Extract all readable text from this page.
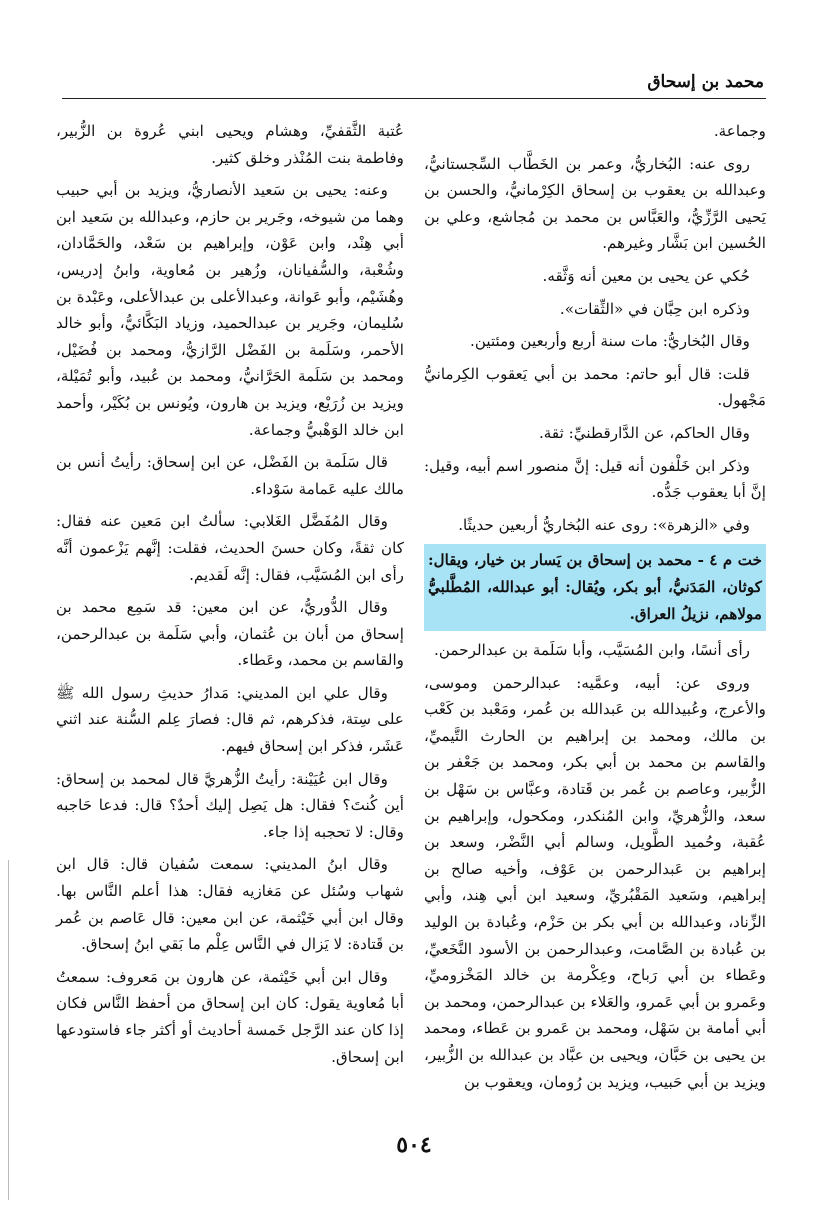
محمد بن إسحاق

وجماعة.

روى عنه: البُخاريُّ، وعمر بن الخَطَّاب السِّجستانيُّ، وعبدالله بن يعقوب بن إسحاق الكِرْمانيُّ، والحسن بن يَحيى الرَّزِّيُّ، والعَبَّاس بن محمد بن مُجاشع، وعلي بن الحُسين ابن بَشَّار وغيرهم.

حُكي عن يحيى بن معين أنه وَثَّقه.

وذكره ابن حِبَّان في «الثِّقات».

وقال البُخاريُّ: مات سنة أربع وأربعين ومئتين.

قلت: قال أبو حاتم: محمد بن أبي يَعقوب الكِرمانيُّ مَجْهول.

وقال الحاكم، عن الدَّارقطنيِّ: ثقة.

وذكر ابن خَلْفون أنه قيل: إنَّ منصور اسم أبيه، وقيل: إنَّ أبا يعقوب جَدُّه.

وفي «الزهرة»: روى عنه البُخاريُّ أربعين حديثًا.

خت م ٤ - محمد بن إسحاق بن يَسار بن خيار، ويقال: كوثان، المَدَنيُّ، أبو بكر، ويُقال: أبو عبدالله، المُطَّلبيُّ مولاهم، نزيلُ العراق.

رأى أنسًا، وابن المُسَيَّب، وأبا سَلَمة بن عبدالرحمن.

وروى عن: أبيه، وعمَّيه: عبدالرحمن وموسى، والأعرج، وعُبيدالله بن عَبدالله بن عُمر، ومَعْبد بن كَعْب بن مالك، ومحمد بن إبراهيم بن الحارث التَّيميِّ، والقاسم بن محمد بن أبي بكر، ومحمد بن جَعْفر بن الزُّبير، وعاصم بن عُمر بن قَتادة، وعبَّاس بن سَهْل بن سعد، والزُّهريِّ، وابن المُنكدر، ومكحول، وإبراهيم بن عُقبة، وحُميد الطَّويل، وسالم أبي النَّضْر، وسعد بن إبراهيم بن عَبدالرحمن بن عَوْف، وأخيه صالح بن إبراهيم، وسَعيد المَقْبُريِّ، وسعيد ابن أبي هِند، وأبي الزِّناد، وعبدالله بن أبي بكر بن حَزْم، وعُبادة بن الوليد بن عُبادة بن الصَّامت، وعبدالرحمن بن الأسود النَّخَعيِّ، وعَطاء بن أبي رَباح، وعِكْرمة بن خالد المَخْزوميِّ، وعَمرو بن أبي عَمرو، والعَلاء بن عبدالرحمن، ومحمد بن أبي أمامة بن سَهْل، ومحمد بن عَمرو بن عَطاء، ومحمد بن يحيى بن حَبَّان، ويحيى بن عبَّاد بن عبدالله بن الزُّبير، ويزيد بن أبي حَبيب، ويزيد بن رُومان، ويعقوب بن

عُتبة الثَّقفيِّ، وهشام ويحيى ابني عُروة بن الزُّبير، وفاطمة بنت المُنْذر وخلق كثير.

وعنه: يحيى بن سَعيد الأنصاريُّ، ويزيد بن أبي حبيب وهما من شيوخه، وجَرير بن حازم، وعبدالله بن سَعيد ابن أبي هِنْد، وابن عَوْن، وإبراهيم بن سَعْد، والحَمَّادان، وشُعْبة، والسُّفيانان، وزُهير بن مُعاوية، وابنُ إدريس، وهُشَيْم، وأبو عَوانة، وعبدالأعلى بن عبدالأعلى، وعَبْدة بن سُليمان، وجَرير بن عبدالحميد، وزياد البَكَّائيُّ، وأبو خالد الأحمر، وسَلَمة بن الفَضْل الرَّازيُّ، ومحمد بن فُضَيْل، ومحمد بن سَلَمة الحَرَّانيُّ، ومحمد بن عُبيد، وأبو تُمَيْلة، ويزيد بن زُرَيْع، ويزيد بن هارون، ويُونس بن بُكَيْر، وأحمد ابن خالد الوَهْبيُّ وجماعة.

قال سَلَمة بن الفَضْل، عن ابن إسحاق: رأيتُ أنس بن مالك عليه عَمامة سَوْداء.

وقال المُفَضَّل الغَلابي: سألتُ ابن مَعين عنه فقال: كان ثقةً، وكان حسنَ الحديث، فقلت: إنَّهم يَزْعمون أنَّه رأى ابن المُسَيَّب، فقال: إنَّه لَقديم.

وقال الدُّوريُّ، عن ابن معين: قد سَمِع محمد بن إسحاق من أبان بن عُثمان، وأبي سَلَمة بن عبدالرحمن، والقاسم بن محمد، وعَطاء.

وقال علي ابن المديني: مَدارُ حديثِ رسول الله ﷺ على سِتة، فذكرهم، ثم قال: فصارَ عِلم السُّنة عند اثني عَشَر، فذكر ابن إسحاق فيهم.

وقال ابن عُيَيْنة: رأيتُ الزُّهريَّ قال لمحمد بن إسحاق: أين كُنتَ؟ فقال: هل يَصِل إليك أحدٌ؟ قال: فدعا حَاجبه وقال: لا تحجبه إذا جاء.

وقال ابنُ المديني: سمعت سُفيان قال: قال ابن شهاب وسُئل عن مَغازيه فقال: هذا أعلم النَّاس بها. وقال ابن أبي خَيْثمة، عن ابن معين: قال عَاصم بن عُمر بن قَتادة: لا يَزال في النَّاس عِلْم ما بَقي ابنُ إسحاق.

وقال ابن أبي خَيْثمة، عن هارون بن مَعروف: سمعتُ أبا مُعاوية يقول: كان ابن إسحاق من أحفظ النَّاس فكان إذا كان عند الرَّجل خَمسة أحاديث أو أكثر جاء فاستودعها ابن إسحاق.

٥٠٤
